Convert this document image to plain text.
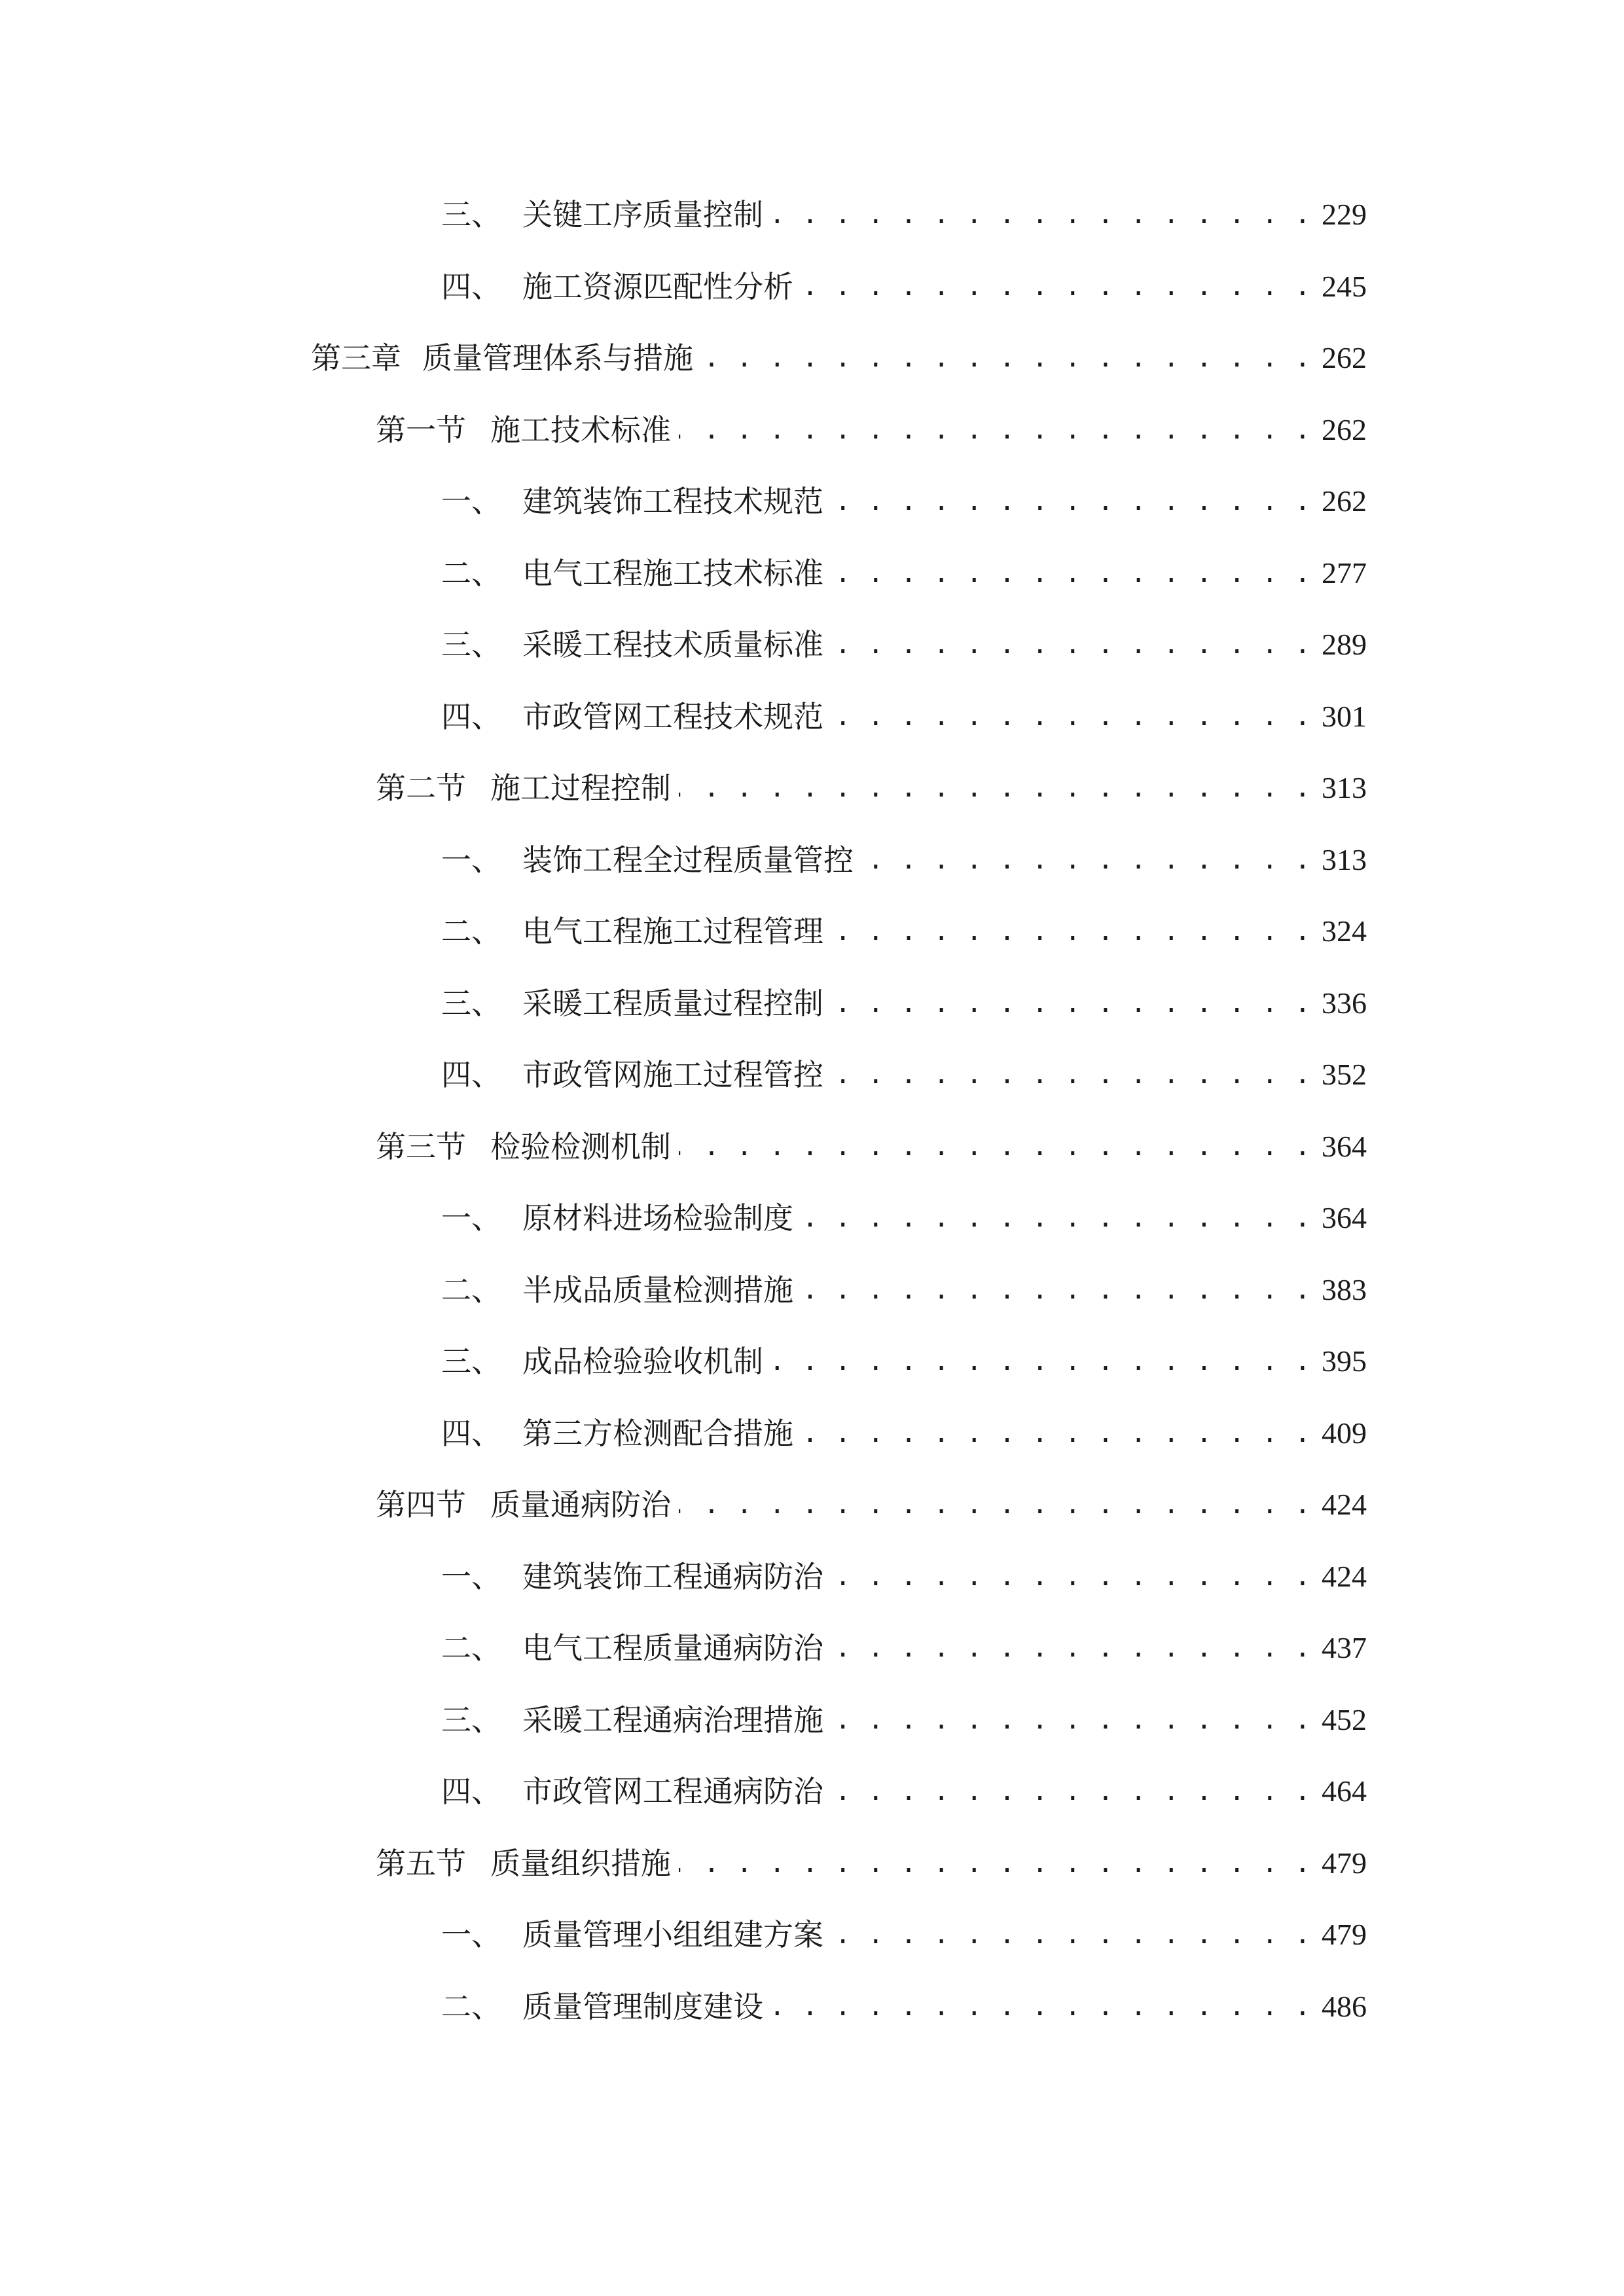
三、 关键工序质量控制 . . .	229
四、 施工资源匹配性分析 . . .	245
第三章 质量管理体系与措施 . . .	262
第一节 施工技术标准 . . .	262
一、 建筑装饰工程技术规范 . . .	262
二、 电气工程施工技术标准 . . .	277
三、 采暖工程技术质量标准 . . .	289
四、 市政管网工程技术规范 . . .	301
第二节 施工过程控制 . . .	313
一、 装饰工程全过程质量管控 . . .	313
二、 电气工程施工过程管理 . . .	324
三、 采暖工程质量过程控制 . . .	336
四、 市政管网施工过程管控 . . .	352
第三节 检验检测机制 . . .	364
一、 原材料进场检验制度 . . .	364
二、 半成品质量检测措施 . . .	383
三、 成品检验验收机制 . . .	395
四、 第三方检测配合措施 . . .	409
第四节 质量通病防治 . . .	424
一、 建筑装饰工程通病防治 . . .	424
二、 电气工程质量通病防治 . . .	437
三、 采暖工程通病治理措施 . . .	452
四、 市政管网工程通病防治 . . .	464
第五节 质量组织措施 . . .	479
一、 质量管理小组组建方案 . . .	479
二、 质量管理制度建设 . . .	486
